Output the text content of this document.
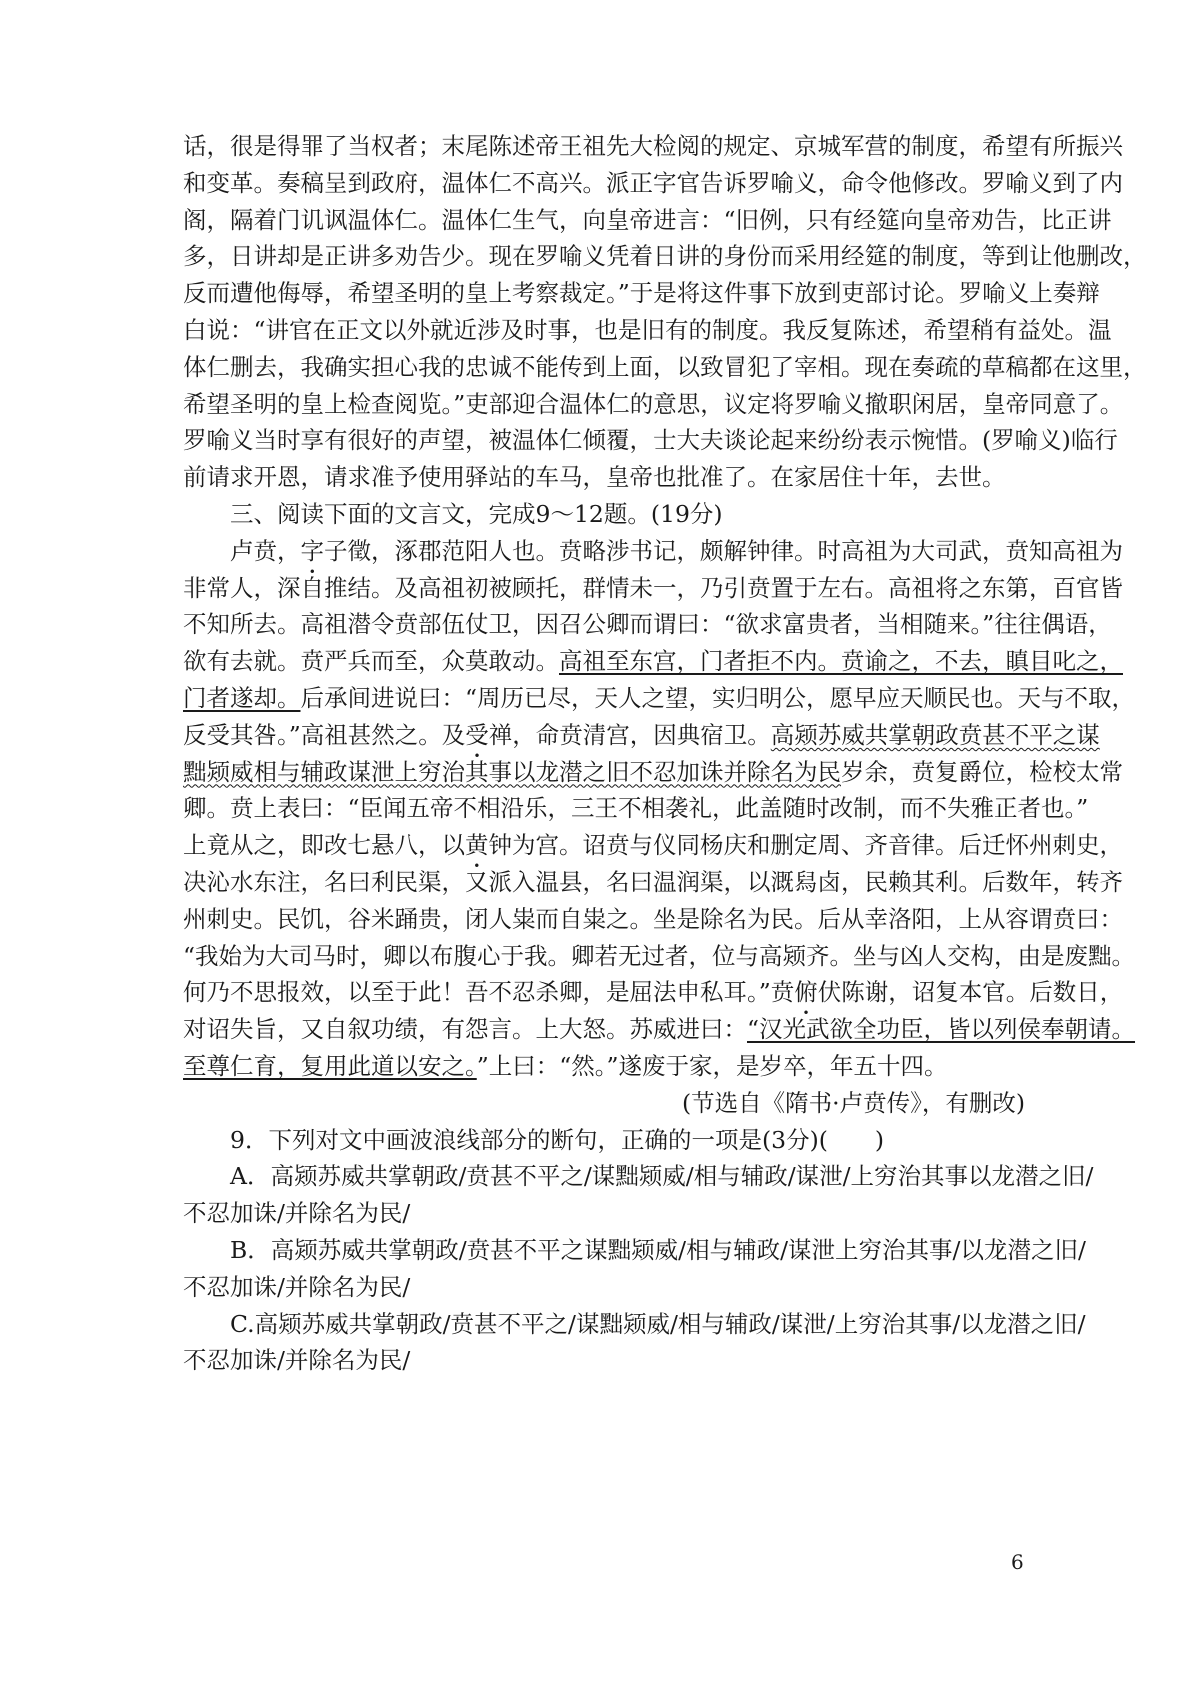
话，很是得罪了当权者；末尾陈述帝王祖先大检阅的规定、京城军营的制度，希望有所振兴
和变革。奏稿呈到政府，温体仁不高兴。派正字官告诉罗喻义，命令他修改。罗喻义到了内
阁，隔着门讥讽温体仁。温体仁生气，向皇帝进言：“旧例，只有经筵向皇帝劝告，比正讲
多，日讲却是正讲多劝告少。现在罗喻义凭着日讲的身份而采用经筵的制度，等到让他删改，
反而遭他侮辱，希望圣明的皇上考察裁定。”于是将这件事下放到吏部讨论。罗喻义上奏辩
白说：“讲官在正文以外就近涉及时事，也是旧有的制度。我反复陈述，希望稍有益处。温
体仁删去，我确实担心我的忠诚不能传到上面，以致冒犯了宰相。现在奏疏的草稿都在这里，
希望圣明的皇上检查阅览。”吏部迎合温体仁的意思，议定将罗喻义撤职闲居，皇帝同意了。
罗喻义当时享有很好的声望，被温体仁倾覆，士大夫谈论起来纷纷表示惋惜。(罗喻义)临行
前请求开恩，请求准予使用驿站的车马，皇帝也批准了。在家居住十年，去世。
三、阅读下面的文言文，完成9～12题。(19分)
卢贲，字子徵，涿郡范阳人也。贲略涉书记，颇解钟律。时高祖为大司武，贲知高祖为
非常人，深自推结。及高祖初被顾托，群情未一，乃引贲置于左右。高祖将之东第，百官皆
不知所去。高祖潜令贲部伍仗卫，因召公卿而谓曰：“欲求富贵者，当相随来。”往往偶语，
欲有去就。贲严兵而至，众莫敢动。高祖至东宫，门者拒不内。贲谕之，不去，瞋目叱之，
门者遂却。后承间进说曰：“周历已尽，天人之望，实归明公，愿早应天顺民也。天与不取，
反受其咎。”高祖甚然之。及受禅，命贲清宫，因典宿卫。高颎苏威共掌朝政贲甚不平之谋
黜颎威相与辅政谋泄上穷治其事以龙潜之旧不忍加诛并除名为民岁余，贲复爵位，检校太常
卿。贲上表曰：“臣闻五帝不相沿乐，三王不相袭礼，此盖随时改制，而不失雅正者也。”
上竟从之，即改七悬八，以黄钟为宫。诏贲与仪同杨庆和删定周、齐音律。后迁怀州刺史，
决沁水东注，名曰利民渠，又派入温县，名曰温润渠，以溉舄卤，民赖其利。后数年，转齐
州刺史。民饥，谷米踊贵，闭人粜而自粜之。坐是除名为民。后从幸洛阳，上从容谓贲曰：
“我始为大司马时，卿以布腹心于我。卿若无过者，位与高颎齐。坐与凶人交构，由是废黜。
何乃不思报效，以至于此！吾不忍杀卿，是屈法申私耳。”贲俯伏陈谢，诏复本官。后数日，
对诏失旨，又自叙功绩，有怨言。上大怒。苏威进曰：“汉光武欲全功臣，皆以列侯奉朝请。
至尊仁育，复用此道以安之。”上曰：“然。”遂废于家，是岁卒，年五十四。
(节选自《隋书·卢贲传》，有删改)
9．下列对文中画波浪线部分的断句，正确的一项是(3分)(　　)
A．高颎苏威共掌朝政/贲甚不平之/谋黜颎威/相与辅政/谋泄/上穷治其事以龙潜之旧/
不忍加诛/并除名为民/
B．高颎苏威共掌朝政/贲甚不平之谋黜颎威/相与辅政/谋泄上穷治其事/以龙潜之旧/
不忍加诛/并除名为民/
C.高颎苏威共掌朝政/贲甚不平之/谋黜颎威/相与辅政/谋泄/上穷治其事/以龙潜之旧/
不忍加诛/并除名为民/
6
